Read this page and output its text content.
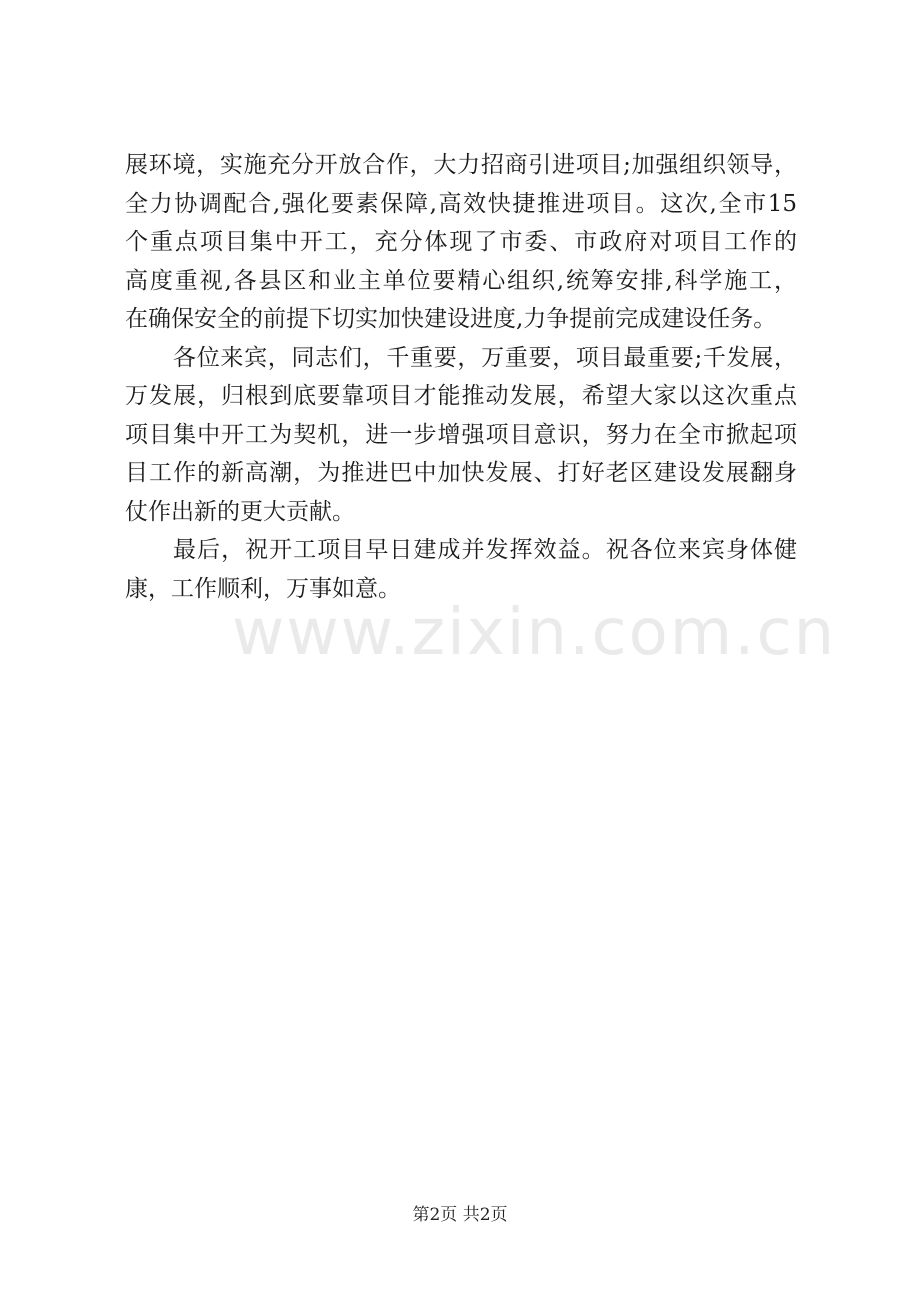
展环境，实施充分开放合作，大力招商引进项目;加强组织领导，
全力协调配合,强化要素保障,高效快捷推进项目。这次,全市15
个重点项目集中开工，充分体现了市委、市政府对项目工作的
高度重视,各县区和业主单位要精心组织,统筹安排,科学施工，
在确保安全的前提下切实加快建设进度,力争提前完成建设任务。
各位来宾，同志们，千重要，万重要，项目最重要;千发展，
万发展，归根到底要靠项目才能推动发展，希望大家以这次重点
项目集中开工为契机，进一步增强项目意识，努力在全市掀起项
目工作的新高潮，为推进巴中加快发展、打好老区建设发展翻身
仗作出新的更大贡献。
最后，祝开工项目早日建成并发挥效益。祝各位来宾身体健
康，工作顺利，万事如意。
www.zixin.com.cn
第2页 共2页
